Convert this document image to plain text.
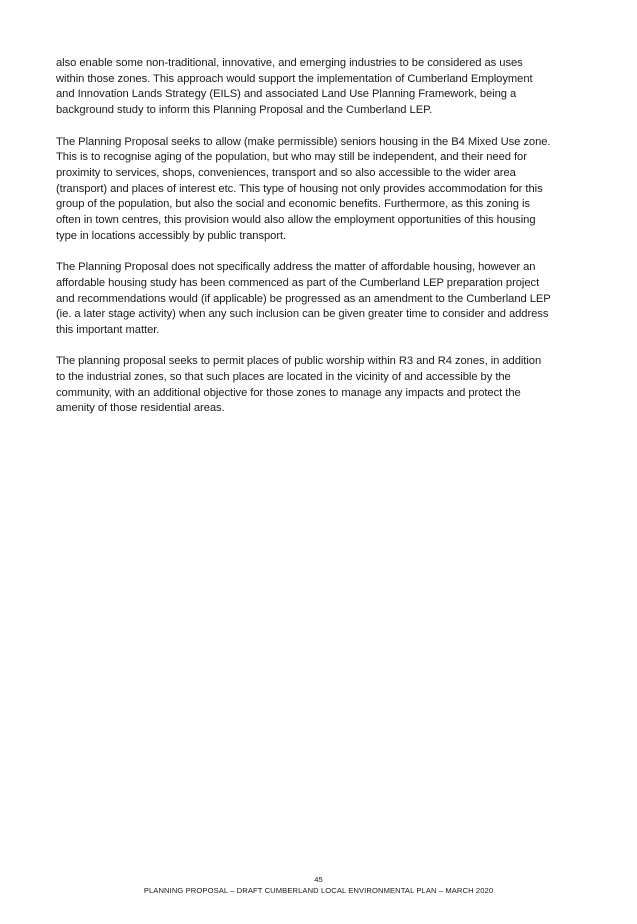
also enable some non-traditional, innovative, and emerging industries to be considered as uses
within those zones. This approach would support the implementation of Cumberland Employment
and Innovation Lands Strategy (EILS) and associated Land Use Planning Framework, being a
background study to inform this Planning Proposal and the Cumberland LEP.

The Planning Proposal seeks to allow (make permissible) seniors housing in the B4 Mixed Use zone.
This is to recognise aging of the population, but who may still be independent, and their need for
proximity to services, shops, conveniences, transport and so also accessible to the wider area
(transport) and places of interest etc. This type of housing not only provides accommodation for this
group of the population, but also the social and economic benefits. Furthermore, as this zoning is
often in town centres, this provision would also allow the employment opportunities of this housing
type in locations accessibly by public transport.

The Planning Proposal does not specifically address the matter of affordable housing, however an
affordable housing study has been commenced as part of the Cumberland LEP preparation project
and recommendations would (if applicable) be progressed as an amendment to the Cumberland LEP
(ie. a later stage activity) when any such inclusion can be given greater time to consider and address
this important matter.

The planning proposal seeks to permit places of public worship within R3 and R4 zones, in addition
to the industrial zones, so that such places are located in the vicinity of and accessible by the
community, with an additional objective for those zones to manage any impacts and protect the
amenity of those residential areas.

45
PLANNING PROPOSAL – DRAFT CUMBERLAND LOCAL ENVIRONMENTAL PLAN – MARCH 2020
